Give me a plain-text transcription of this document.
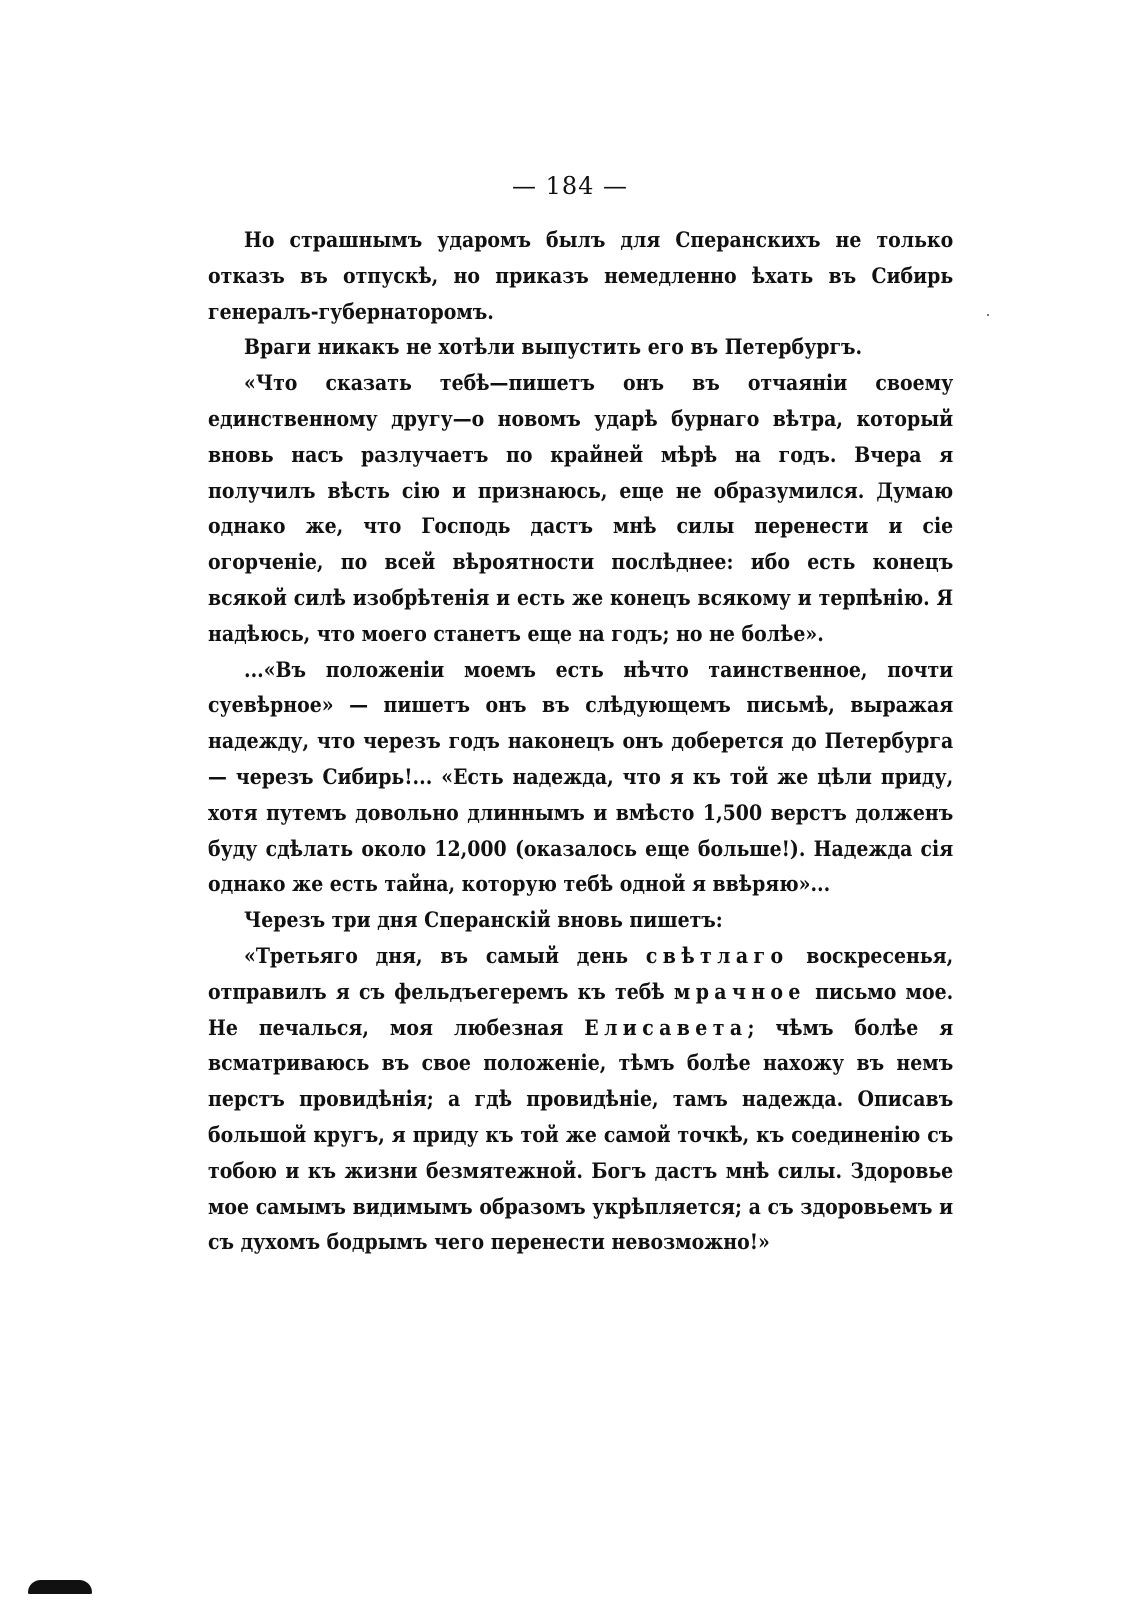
— 184 —

Но страшнымъ ударомъ былъ для Сперанскихъ не только отказъ въ отпускѣ, но приказъ немедленно ѣхать въ Сибирь генералъ-губернаторомъ.

Враги никакъ не хотѣли выпустить его въ Петербургъ.

«Что сказать тебѣ—пишетъ онъ въ отчаяніи своему единственному другу—о новомъ ударѣ бурнаго вѣтра, который вновь насъ разлучаетъ по крайней мѣрѣ на годъ. Вчера я получилъ вѣсть сію и признаюсь, еще не образумился. Думаю однако же, что Господь дастъ мнѣ силы перенести и сіе огорченіе, по всей вѣроятности послѣднее: ибо есть конецъ всякой силѣ изобрѣтенія и есть же конецъ всякому и терпѣнію. Я надѣюсь, что моего станетъ еще на годъ; но не болѣе».

...«Въ положеніи моемъ есть нѣчто таинственное, почти суевѣрное» — пишетъ онъ въ слѣдующемъ письмѣ, выражая надежду, что черезъ годъ наконецъ онъ доберется до Петербурга— черезъ Сибирь!... «Есть надежда, что я къ той же цѣли приду, хотя путемъ довольно длиннымъ и вмѣсто 1,500 верстъ долженъ буду сдѣлать около 12,000 (оказалось еще больше!). Надежда сія однако же есть тайна, которую тебѣ одной я ввѣряю»...

Черезъ три дня Сперанскій вновь пишетъ:

«Третьяго дня, въ самый день свѣтлаго воскресенья, отправилъ я съ фельдъегеремъ къ тебѣ мрачное письмо мое. Не печалься, моя любезная Елисавета; чѣмъ болѣе я всматриваюсь въ свое положеніе, тѣмъ болѣе нахожу въ немъ перстъ провидѣнія; а гдѣ провидѣніе, тамъ надежда. Описавъ большой кругъ, я приду къ той же самой точкѣ, къ соединенію съ тобою и къ жизни безмятежной. Богъ дастъ мнѣ силы. Здоровье мое самымъ видимымъ образомъ укрѣпляется; а съ здоровьемъ и съ духомъ бодрымъ чего перенести невозможно!»
